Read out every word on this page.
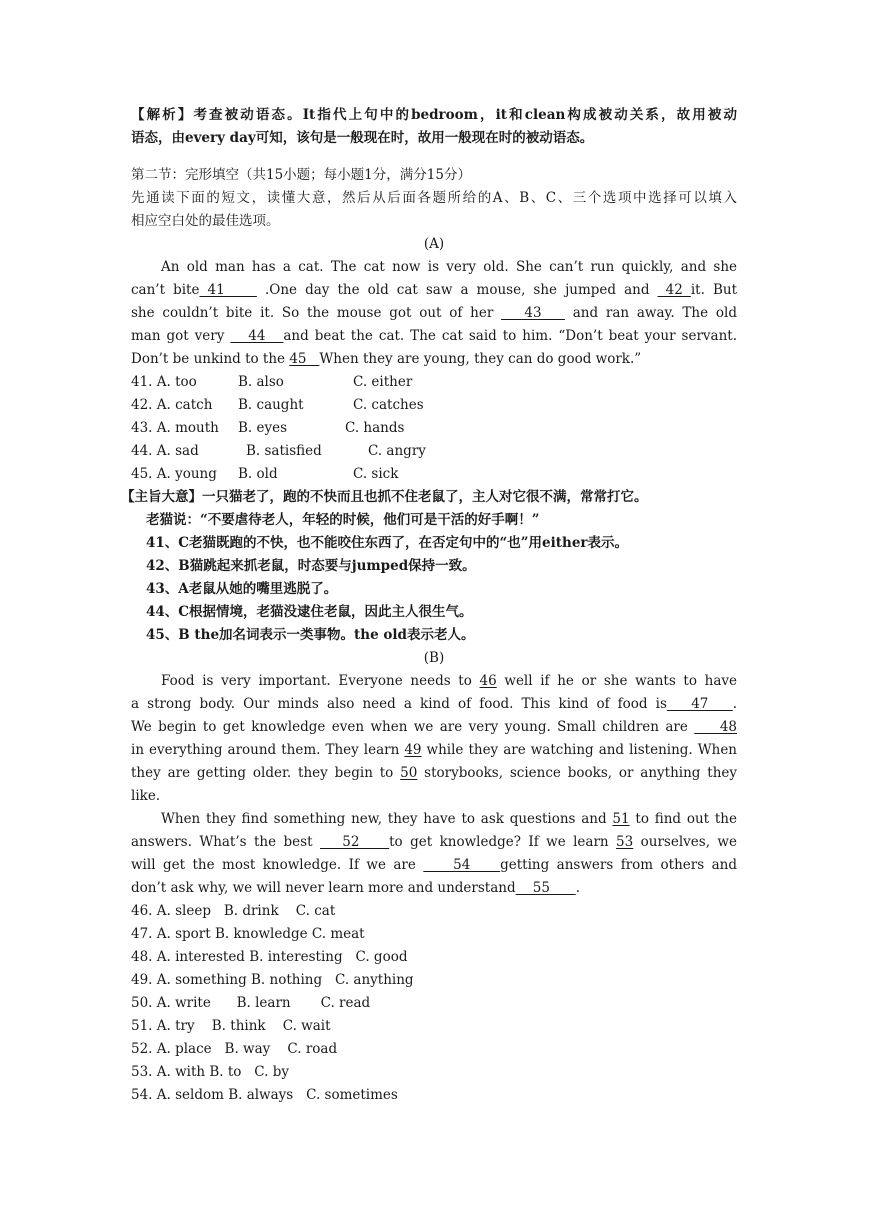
【解析】考查被动语态。It指代上句中的bedroom，it和clean构成被动关系，故用被动
语态，由every day可知，该句是一般现在时，故用一般现在时的被动语态。
第二节：完形填空（共15小题；每小题1分，满分15分）
先通读下面的短文，读懂大意，然后从后面各题所给的A、B、C、三个选项中选择可以填入
相应空白处的最佳选项。
(A)
An old man has a cat. The cat now is very old. She can’t run quickly, and she
can’t bite 41     .One day the old cat saw a mouse, she jumped and  42 it. But
she couldn’t bite it. So the mouse got out of her    43    and ran away. The old
man got very    44   and beat the cat. The cat said to him. “Don’t beat your servant.
Don’t be unkind to the 45   When they are young, they can do good work.”
41. A. too	B. also	C. either
42. A. catch B. caught	C. catches
43. A. mouth B. eyes	C. hands
44. A. sad	B. satisfied	C. angry
45. A. young B. old	C. sick
【主旨大意】一只猫老了，跑的不快而且也抓不住老鼠了，主人对它很不满，常常打它。
老猫说：“不要虐待老人，年轻的时候，他们可是干活的好手啊！”
41、C老猫既跑的不快，也不能咬住东西了，在否定句中的“也”用either表示。
42、B猫跳起来抓老鼠，时态要与jumped保持一致。
43、A老鼠从她的嘴里逃脱了。
44、C根据情境，老猫没逮住老鼠，因此主人很生气。
45、B the加名词表示一类事物。the old表示老人。
(B)
Food is very important. Everyone needs to 46 well if he or she wants to have
a strong body. Our minds also need a kind of food. This kind of food is   47   .
We begin to get knowledge even when we are very young. Small children are     48
in everything around them. They learn 49 while they are watching and listening. When
they are getting older. they begin to 50 storybooks, science books, or anything they
like.
When they find something new, they have to ask questions and 51 to find out the
answers. What’s the best    52    to get knowledge? If we learn 53 ourselves, we
will get the most knowledge. If we are     54    getting answers from others and
don’t ask why, we will never learn more and understand    55      .
46. A. sleep   B. drink    C. cat
47. A. sport B. knowledge C. meat
48. A. interested B. interesting   C. good
49. A. something B. nothing   C. anything
50. A. write      B. learn       C. read
51. A. try    B. think    C. wait
52. A. place   B. way    C. road
53. A. with B. to   C. by
54. A. seldom B. always   C. sometimes
